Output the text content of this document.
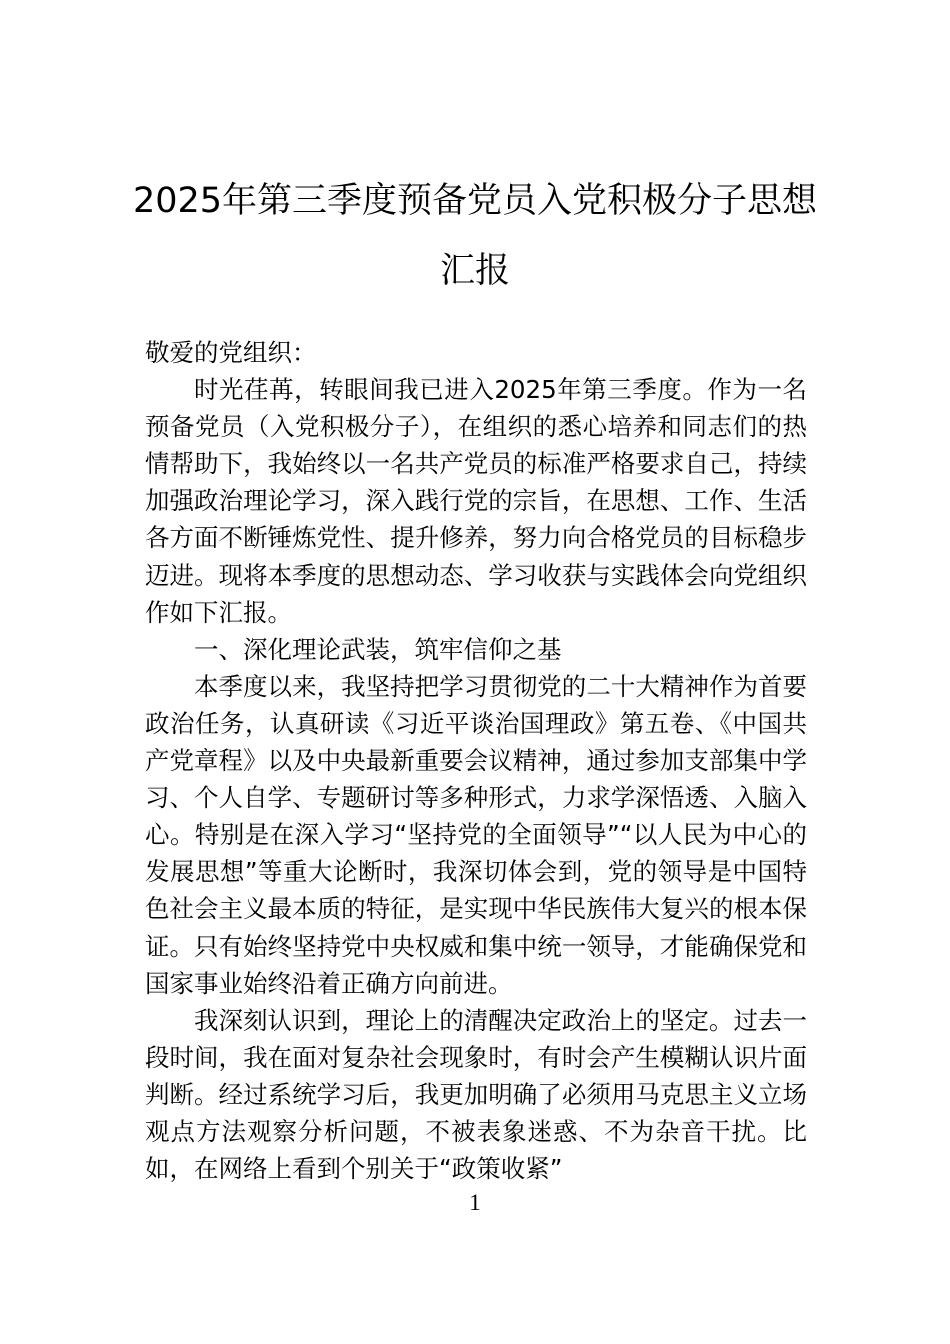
2025年第三季度预备党员入党积极分子思想汇报

敬爱的党组织：

时光荏苒，转眼间我已进入2025年第三季度。作为一名预备党员（入党积极分子），在组织的悉心培养和同志们的热情帮助下，我始终以一名共产党员的标准严格要求自己，持续加强政治理论学习，深入践行党的宗旨，在思想、工作、生活各方面不断锤炼党性、提升修养，努力向合格党员的目标稳步迈进。现将本季度的思想动态、学习收获与实践体会向党组织作如下汇报。

一、深化理论武装，筑牢信仰之基

本季度以来，我坚持把学习贯彻党的二十大精神作为首要政治任务，认真研读《习近平谈治国理政》第五卷、《中国共产党章程》以及中央最新重要会议精神，通过参加支部集中学习、个人自学、专题研讨等多种形式，力求学深悟透、入脑入心。特别是在深入学习“坚持党的全面领导”“以人民为中心的发展思想”等重大论断时，我深切体会到，党的领导是中国特色社会主义最本质的特征，是实现中华民族伟大复兴的根本保证。只有始终坚持党中央权威和集中统一领导，才能确保党和国家事业始终沿着正确方向前进。

我深刻认识到，理论上的清醒决定政治上的坚定。过去一段时间，我在面对复杂社会现象时，有时会产生模糊认识片面判断。经过系统学习后，我更加明确了必须用马克思主义立场观点方法观察分析问题，不被表象迷惑、不为杂音干扰。比如，在网络上看到个别关于“政策收紧”

1
